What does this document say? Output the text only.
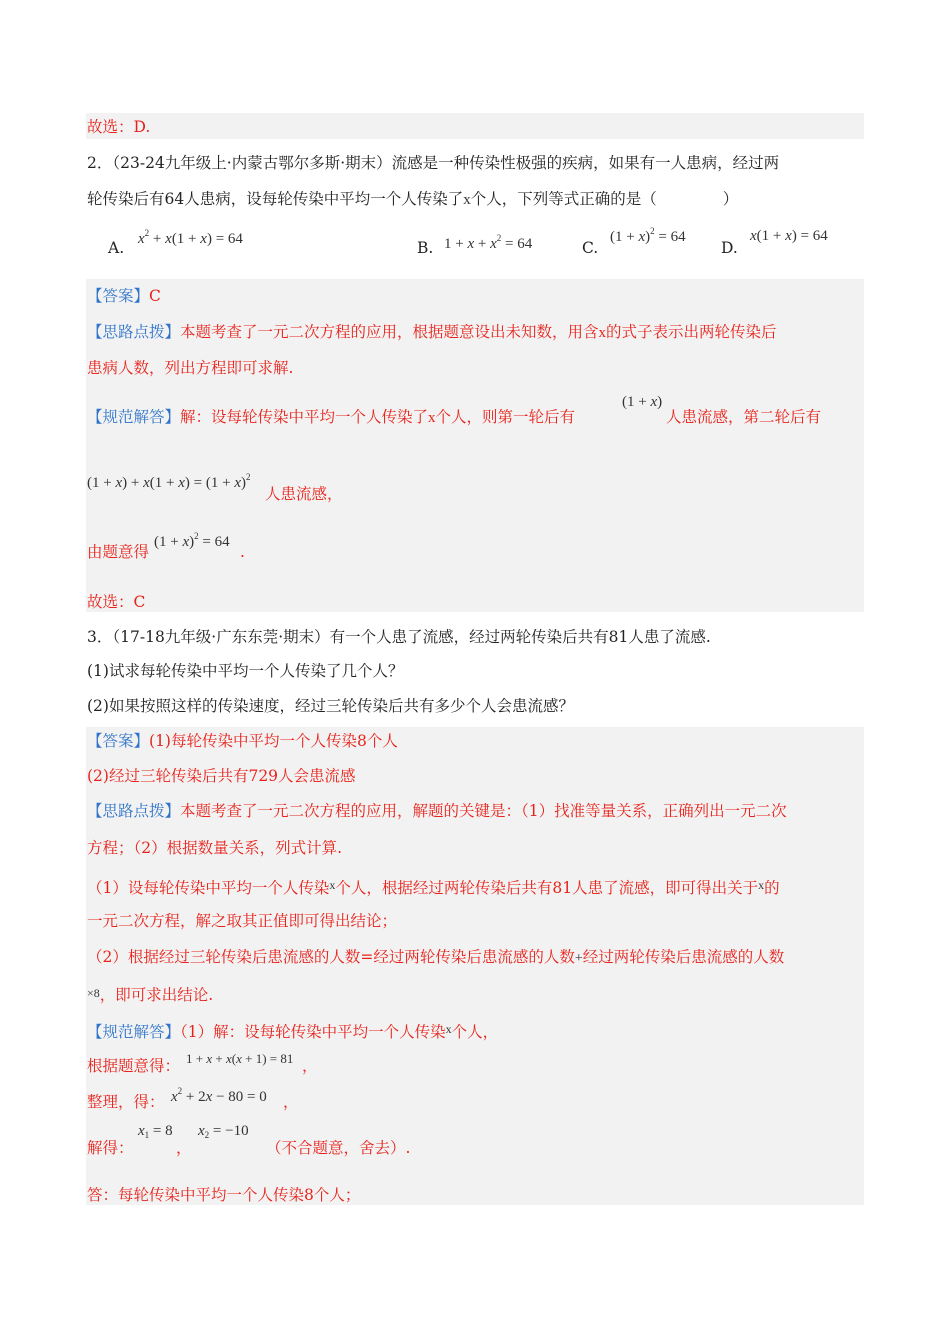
故选：D.
2．（23-24九年级上·内蒙古鄂尔多斯·期末）流感是一种传染性极强的疾病，如果有一人患病，经过两
轮传染后有64人患病，设每轮传染中平均一个人传染了x个人，下列等式正确的是（	）
A. $x^2 + x(1 + x) = 64$	B. $1 + x + x^2 = 64$	C.
$(1 + x)^2 = 64$
D.
x(1 + x) = 64
【答案】C
【思路点拨】本题考查了一元二次方程的应用，根据题意设出未知数，用含x的式子表示出两轮传染后
患病人数，列出方程即可求解.
【规范解答】解：设每轮传染中平均一个人传染了x个人，则第一轮后有
(1 + x)
人患流感，第二轮后有
$(1 + x) + x(1 + x) = (1 + x)^2$
人患流感，
由题意得
$(1 + x)^2 = 64$
.
故选：C
3．（17-18九年级·广东东莞·期末）有一个人患了流感，经过两轮传染后共有81人患了流感.
(1)试求每轮传染中平均一个人传染了几个人？
(2)如果按照这样的传染速度，经过三轮传染后共有多少个人会患流感？
【答案】(1)每轮传染中平均一个人传染8个人
(2)经过三轮传染后共有729人会患流感
【思路点拨】本题考查了一元二次方程的应用，解题的关键是：（1）找准等量关系，正确列出一元二次
方程；（2）根据数量关系，列式计算.
（1）设每轮传染中平均一个人传染$^x$个人，根据经过两轮传染后共有81人患了流感，即可得出关于$^x$的
一元二次方程，解之取其正值即可得出结论；
（2）根据经过三轮传染后患流感的人数=经过两轮传染后患流感的人数+经过两轮传染后患流感的人数
×8，即可求出结论.
【规范解答】（1）解：设每轮传染中平均一个人传染$^x$个人，
根据题意得： 1 + x + x(x + 1) = 81 ，
整理，得： $x^2 + 2x - 80 = 0$ ，
解得：
$x_1 = 8$
，
$x_2 = -10$
（不合题意，舍去）.
答：每轮传染中平均一个人传染8个人；
